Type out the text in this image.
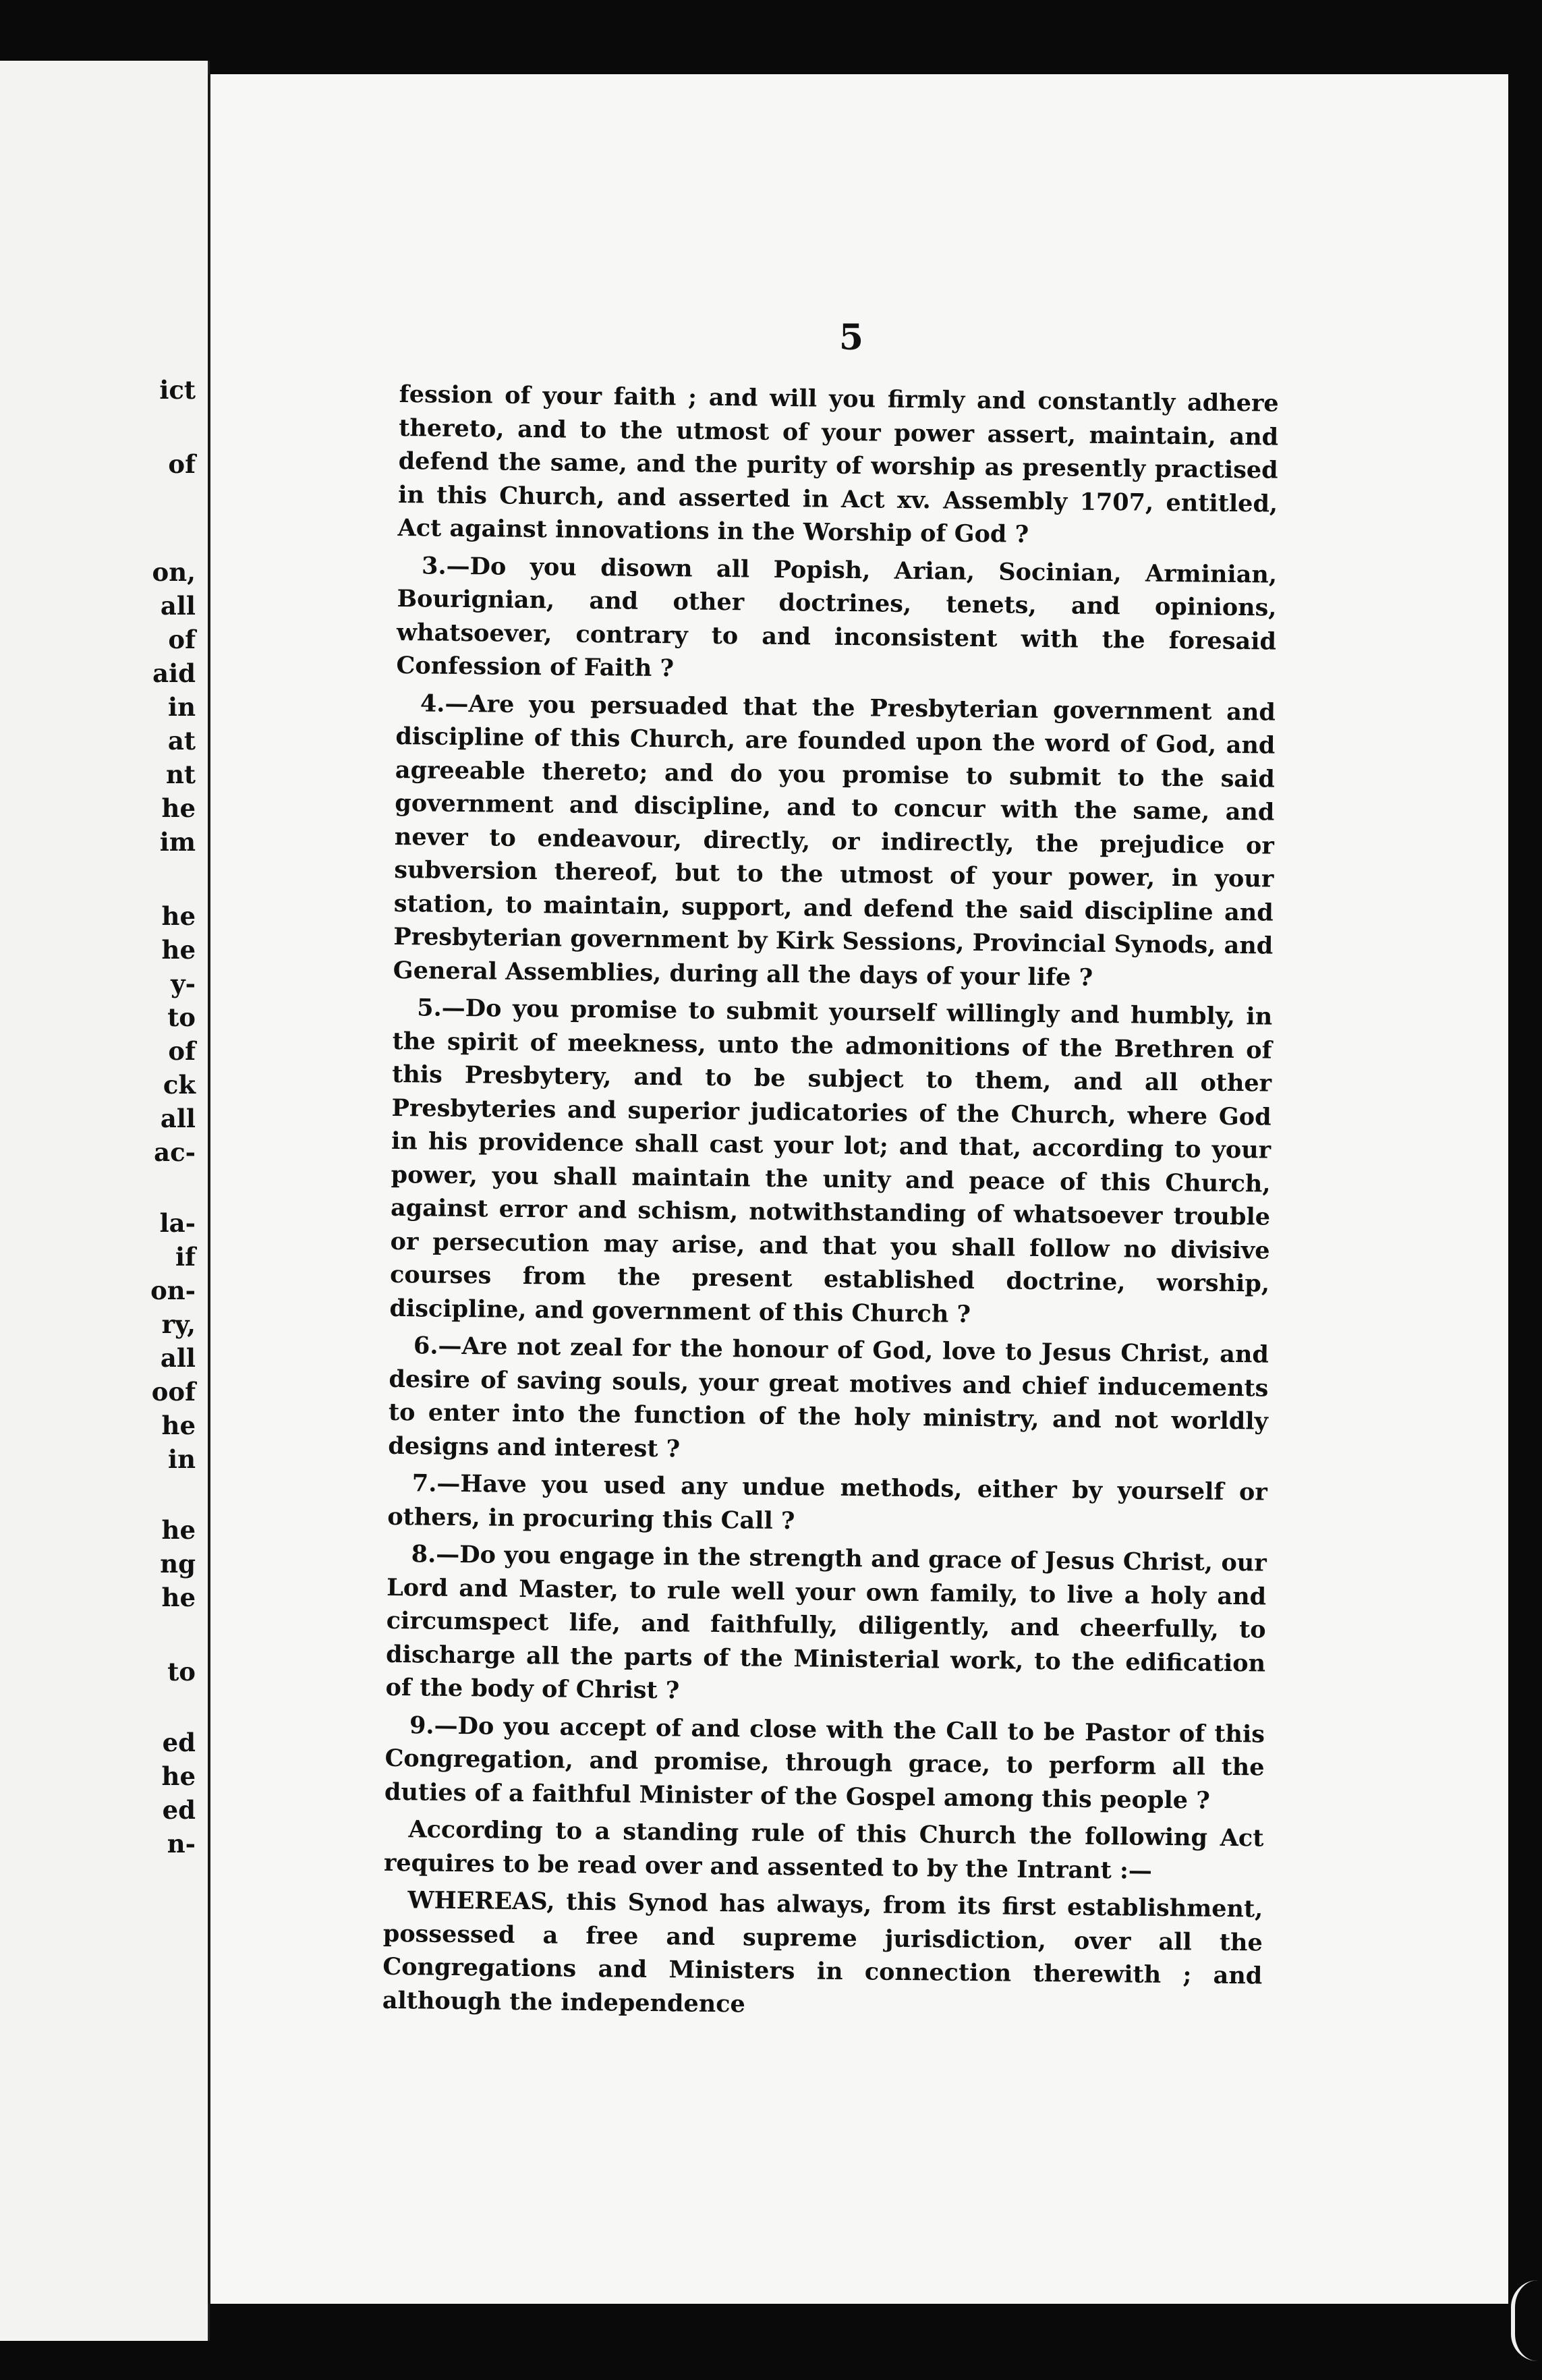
ict
of
on,
all
of
aid
in
at
nt
he
im
he
he
y-
to
of
ck
all
ac-
la-
if
on-
ry,
all
oof
he
in
he
ng
he
to
ed
he
ed
n-
5

fession of your faith ; and will you firmly and constantly adhere thereto, and to the utmost of your power assert, maintain, and defend the same, and the purity of worship as presently practised in this Church, and asserted in Act xv. Assembly 1707, entitled, Act against innovations in the Worship of God ?

3.—Do you disown all Popish, Arian, Socinian, Arminian, Bourignian, and other doctrines, tenets, and opinions, whatsoever, contrary to and inconsistent with the foresaid Confession of Faith ?

4.—Are you persuaded that the Presbyterian government and discipline of this Church, are founded upon the word of God, and agreeable thereto; and do you promise to submit to the said government and discipline, and to concur with the same, and never to endeavour, directly, or indirectly, the prejudice or subversion thereof, but to the utmost of your power, in your station, to maintain, support, and defend the said discipline and Presbyterian government by Kirk Sessions, Provincial Synods, and General Assemblies, during all the days of your life ?

5.—Do you promise to submit yourself willingly and humbly, in the spirit of meekness, unto the admonitions of the Brethren of this Presbytery, and to be subject to them, and all other Presbyteries and superior judicatories of the Church, where God in his providence shall cast your lot; and that, according to your power, you shall maintain the unity and peace of this Church, against error and schism, notwithstanding of whatsoever trouble or persecution may arise, and that you shall follow no divisive courses from the present established doctrine, worship, discipline, and government of this Church ?

6.—Are not zeal for the honour of God, love to Jesus Christ, and desire of saving souls, your great motives and chief inducements to enter into the function of the holy ministry, and not worldly designs and interest ?

7.—Have you used any undue methods, either by yourself or others, in procuring this Call ?

8.—Do you engage in the strength and grace of Jesus Christ, our Lord and Master, to rule well your own family, to live a holy and circumspect life, and faithfully, diligently, and cheerfully, to discharge all the parts of the Ministerial work, to the edification of the body of Christ ?

9.—Do you accept of and close with the Call to be Pastor of this Congregation, and promise, through grace, to perform all the duties of a faithful Minister of the Gospel among this people ?

According to a standing rule of this Church the following Act requires to be read over and assented to by the Intrant :—

WHEREAS, this Synod has always, from its first establishment, possessed a free and supreme jurisdiction, over all the Congregations and Ministers in connection therewith ; and although the independence
